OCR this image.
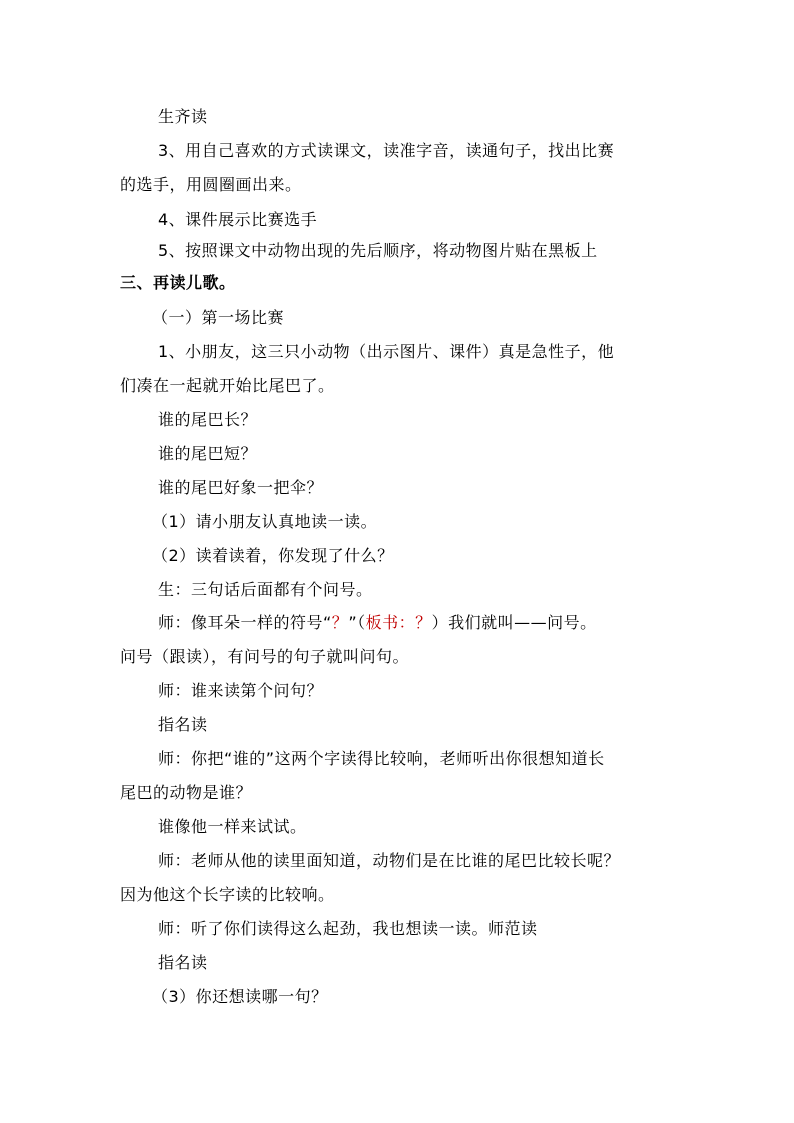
生齐读
3、用自己喜欢的方式读课文，读准字音，读通句子，找出比赛
的选手，用圆圈画出来。
4、课件展示比赛选手
5、按照课文中动物出现的先后顺序，将动物图片贴在黑板上
三、再读儿歌。
（一）第一场比赛
1、小朋友，这三只小动物（出示图片、课件）真是急性子，他
们凑在一起就开始比尾巴了。
谁的尾巴长？
谁的尾巴短？
谁的尾巴好象一把伞？
（1）请小朋友认真地读一读。
（2）读着读着，你发现了什么？
生：三句话后面都有个问号。
师：像耳朵一样的符号“？”（板书：？）我们就叫——问号。
问号（跟读），有问号的句子就叫问句。
师：谁来读第个问句？
指名读
师：你把“谁的”这两个字读得比较响，老师听出你很想知道长
尾巴的动物是谁？
谁像他一样来试试。
师：老师从他的读里面知道，动物们是在比谁的尾巴比较长呢？
因为他这个长字读的比较响。
师：听了你们读得这么起劲，我也想读一读。师范读
指名读
（3）你还想读哪一句？
